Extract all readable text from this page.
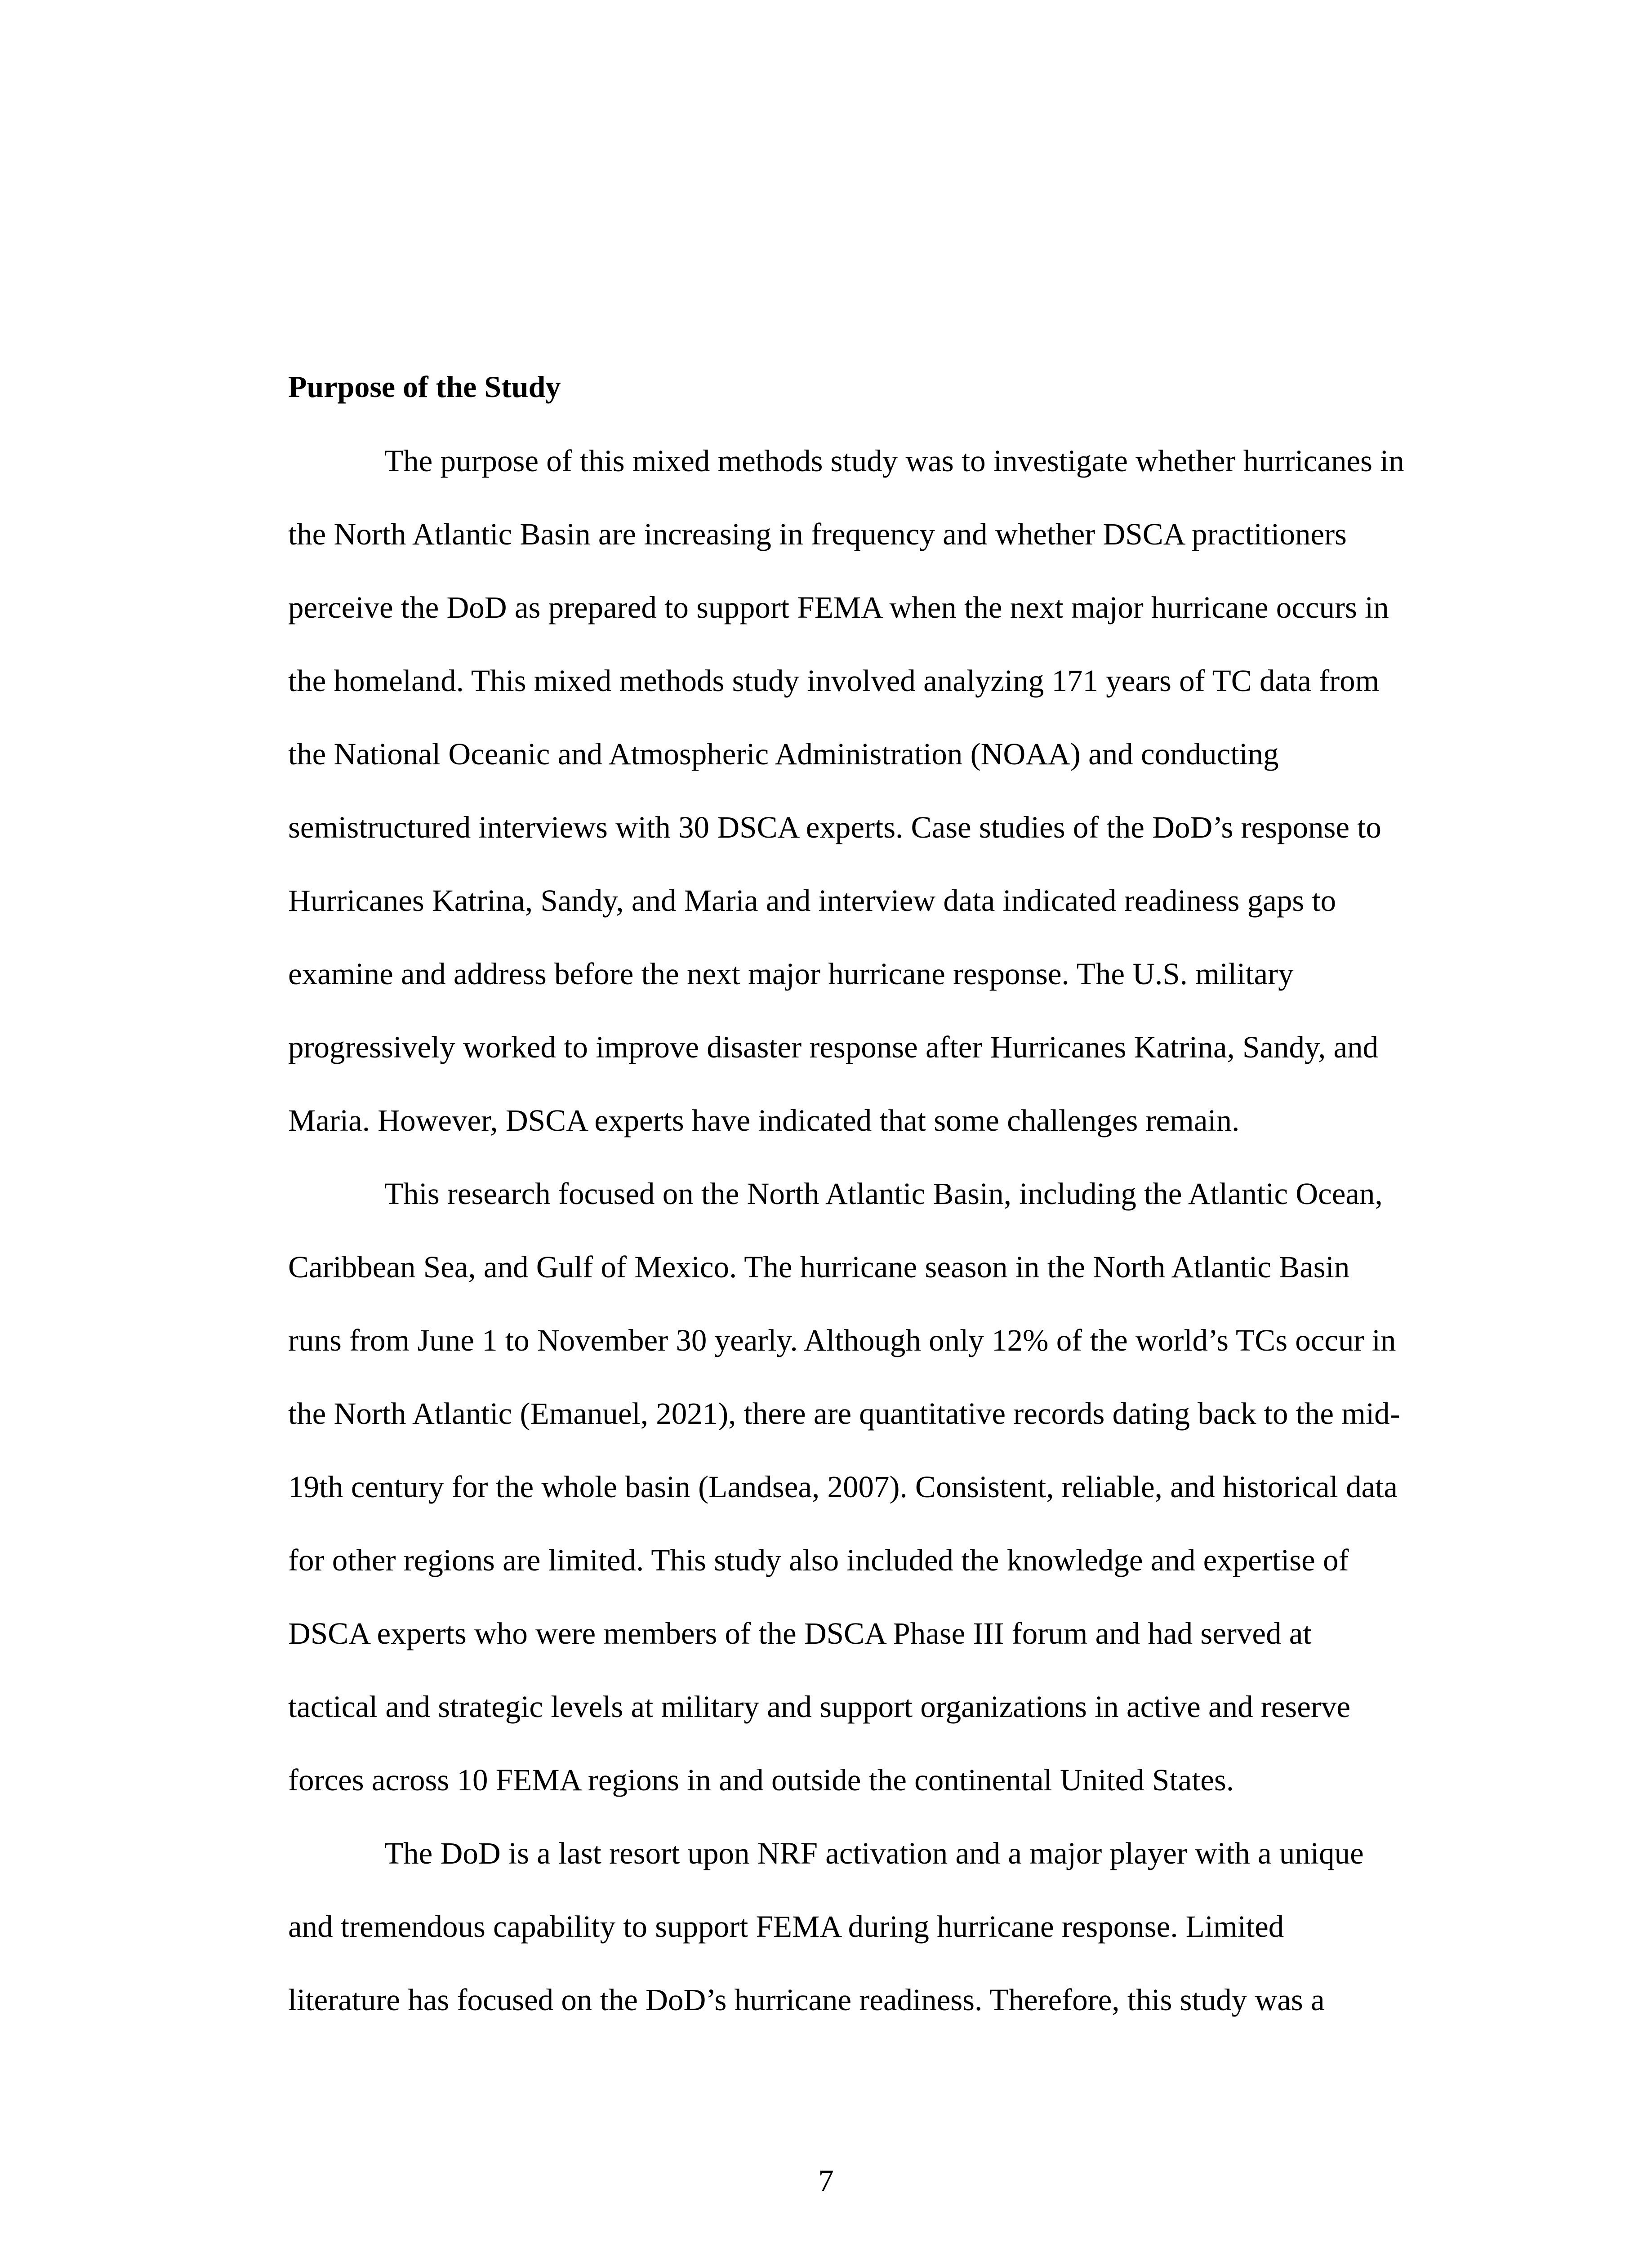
Purpose of the Study
The purpose of this mixed methods study was to investigate whether hurricanes in
the North Atlantic Basin are increasing in frequency and whether DSCA practitioners
perceive the DoD as prepared to support FEMA when the next major hurricane occurs in
the homeland. This mixed methods study involved analyzing 171 years of TC data from
the National Oceanic and Atmospheric Administration (NOAA) and conducting
semistructured interviews with 30 DSCA experts. Case studies of the DoD’s response to
Hurricanes Katrina, Sandy, and Maria and interview data indicated readiness gaps to
examine and address before the next major hurricane response. The U.S. military
progressively worked to improve disaster response after Hurricanes Katrina, Sandy, and
Maria. However, DSCA experts have indicated that some challenges remain.
This research focused on the North Atlantic Basin, including the Atlantic Ocean,
Caribbean Sea, and Gulf of Mexico. The hurricane season in the North Atlantic Basin
runs from June 1 to November 30 yearly. Although only 12% of the world’s TCs occur in
the North Atlantic (Emanuel, 2021), there are quantitative records dating back to the mid-
19th century for the whole basin (Landsea, 2007). Consistent, reliable, and historical data
for other regions are limited. This study also included the knowledge and expertise of
DSCA experts who were members of the DSCA Phase III forum and had served at
tactical and strategic levels at military and support organizations in active and reserve
forces across 10 FEMA regions in and outside the continental United States.
The DoD is a last resort upon NRF activation and a major player with a unique
and tremendous capability to support FEMA during hurricane response. Limited
literature has focused on the DoD’s hurricane readiness. Therefore, this study was a
7
